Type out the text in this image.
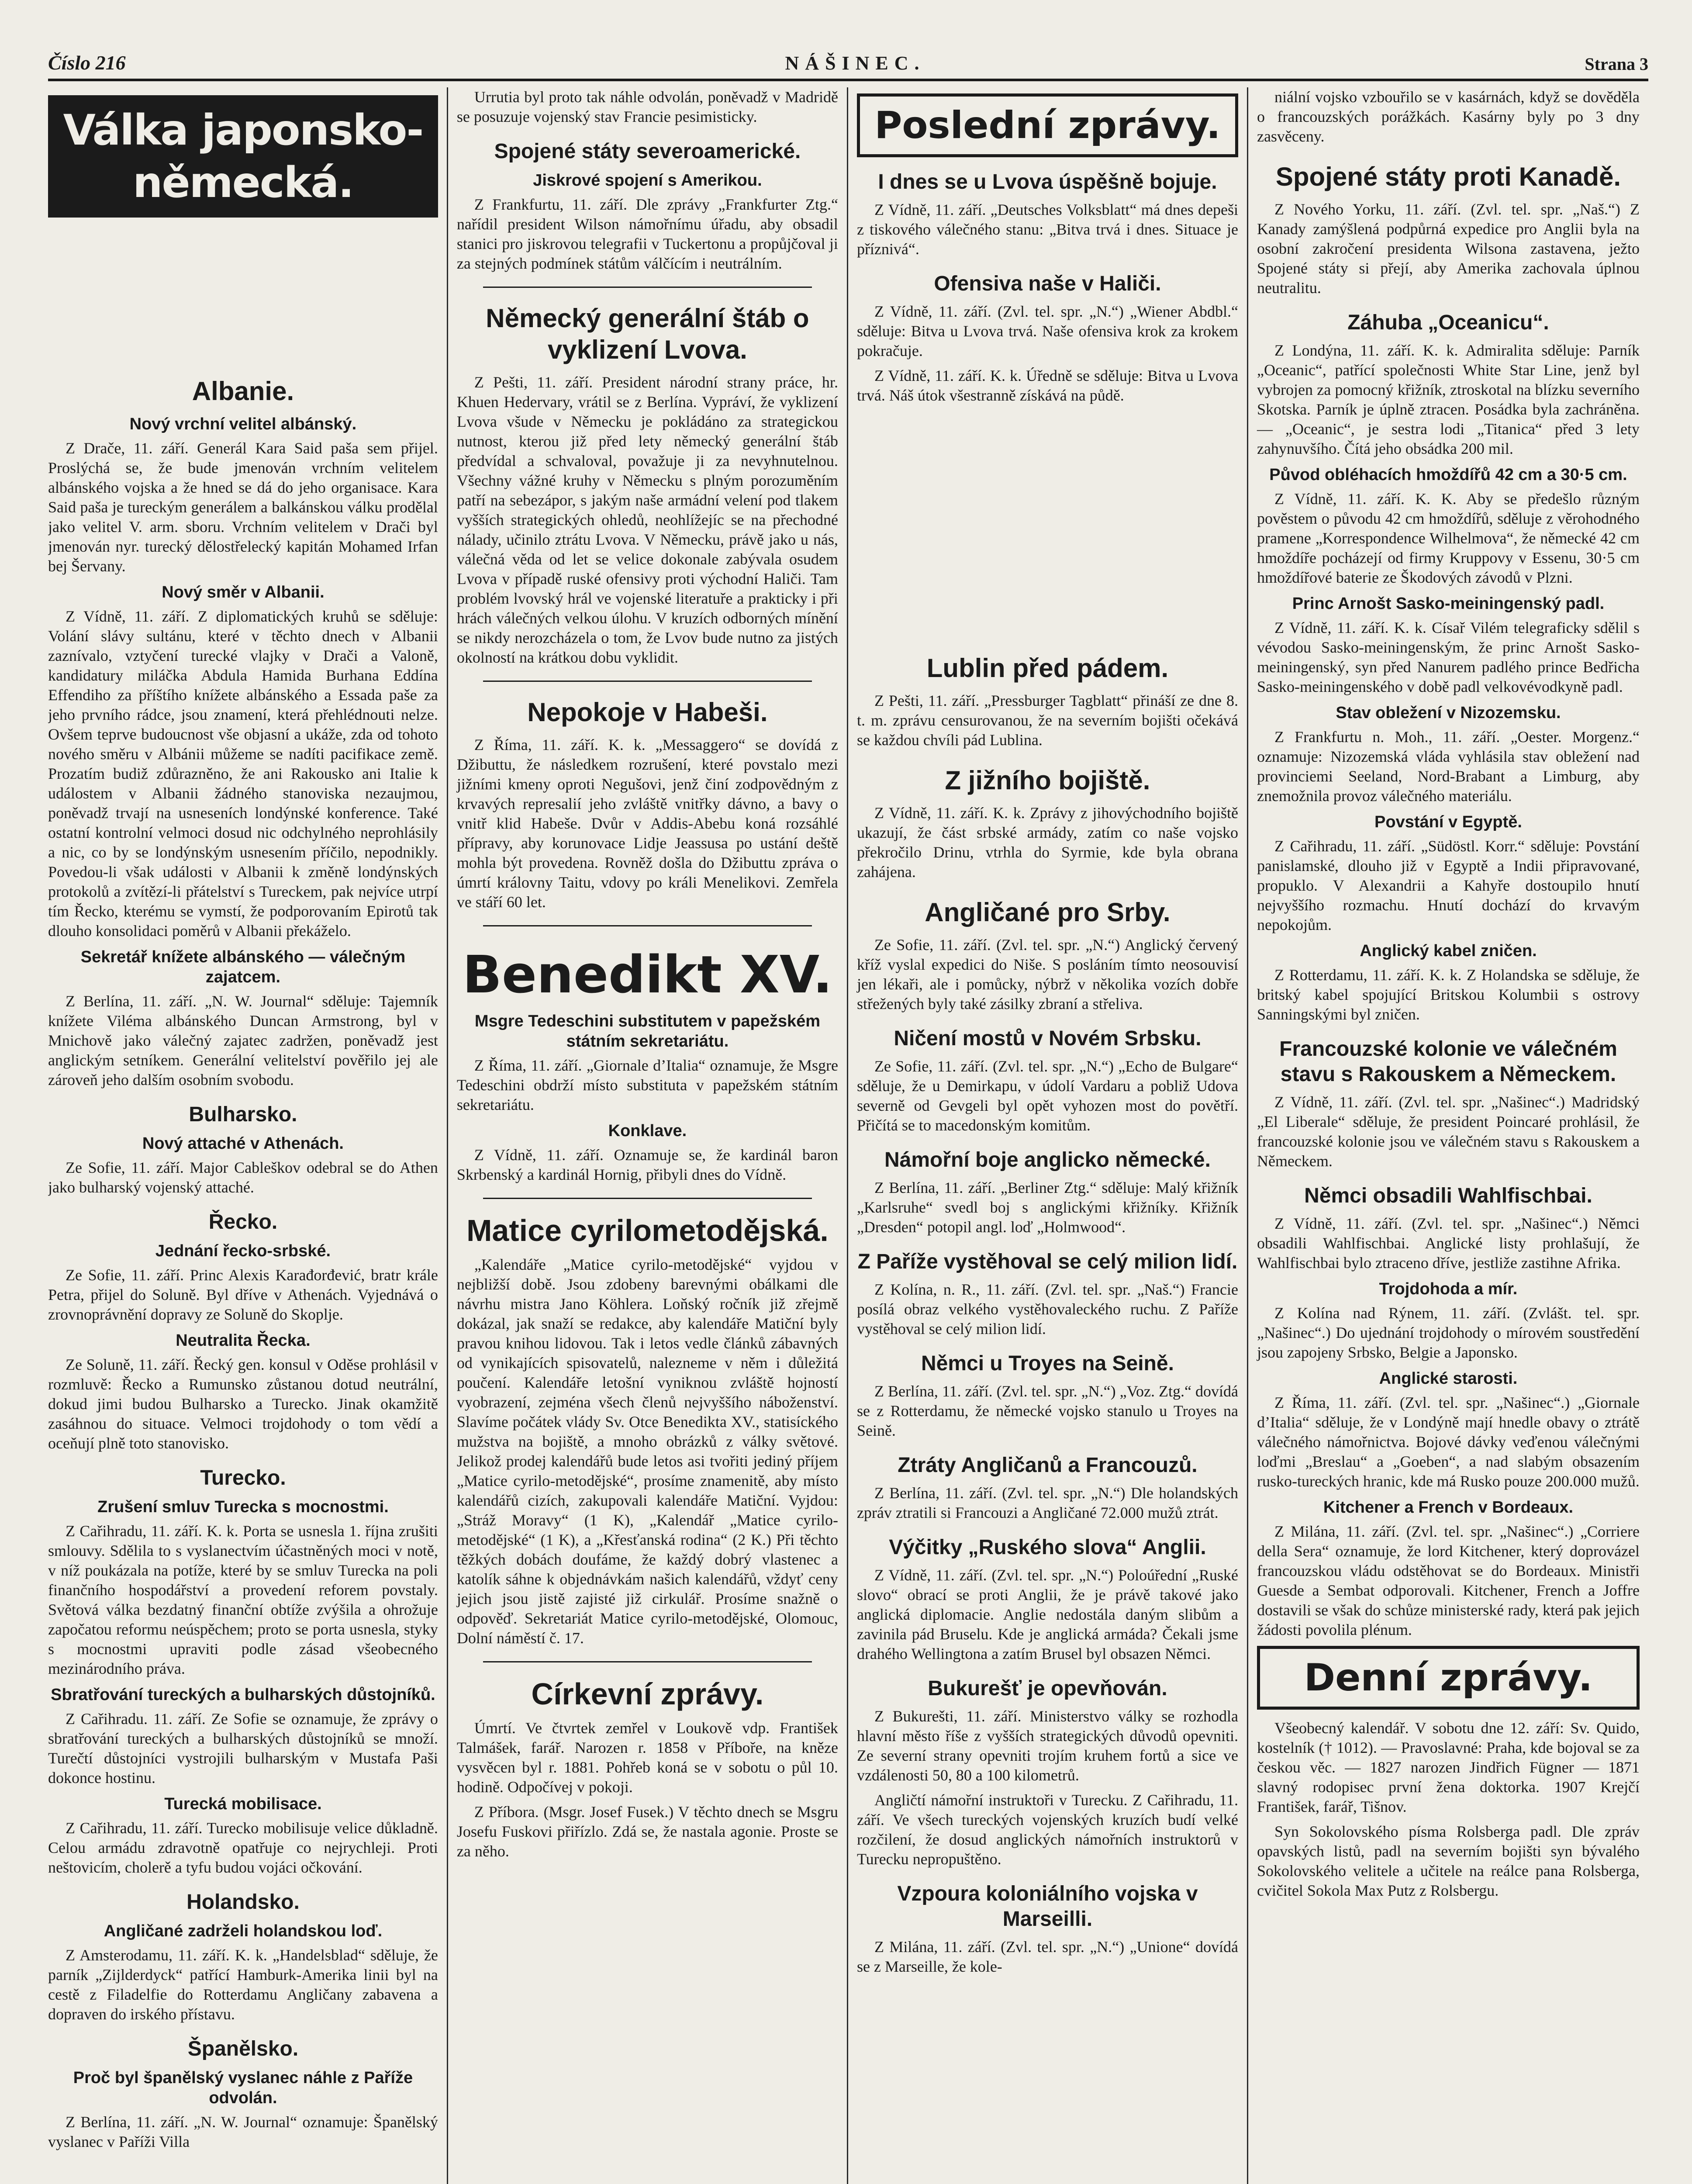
Číslo 216	NÁŠINEC.	Strana 3
Válka japonsko-německá.
Albanie.
Nový vrchní velitel albánský.

Z Drače, 11. září. Generál Kara Said paša sem přijel. Proslýchá se, že bude jmenován vrchním velitelem albánského vojska a že hned se dá do jeho organisace. Kara Said paša je tureckým generálem a balkánskou válku prodělal jako velitel V. arm. sboru. Vrchním velitelem v Drači byl jmenován nyr. turecký dělostřelecký kapitán Mohamed Irfan bej Šervany.

Nový směr v Albanii.

Z Vídně, 11. září. Z diplomatických kruhů se sděluje: Volání slávy sultánu, které v těchto dnech v Albanii zaznívalo, vztyčení turecké vlajky v Drači a Valoně, kandidatury miláčka Abdula Hamida Burhana Eddína Effendiho za příštího knížete albánského a Essada paše za jeho prvního rádce, jsou znamení, která přehlédnouti nelze. Ovšem teprve budoucnost vše objasní a ukáže, zda od tohoto nového směru v Albánii můžeme se nadíti pacifikace země. Prozatím budiž zdůrazněno, že ani Rakousko ani Italie k událostem v Albanii žádného stanoviska nezaujmou, poněvadž trvají na usneseních londýnské konference. Také ostatní kontrolní velmoci dosud nic odchylného neprohlásily a nic, co by se londýnským usnesením příčilo, nepodnikly. Povedou-li však události v Albanii k změně londýnských protokolů a zvítězí-li přátelství s Tureckem, pak nejvíce utrpí tím Řecko, kterému se vymstí, že podporovaním Epirotů tak dlouho konsolidaci poměrů v Albanii překáželo.

Sekretář knížete albánského — válečným zajatcem.

Z Berlína, 11. září. „N. W. Journal“ sděluje: Tajemník knížete Viléma albánského Duncan Armstrong, byl v Mnichově jako válečný zajatec zadržen, poněvadž jest anglickým setníkem. Generální velitelství pověřilo jej ale zároveň jeho dalším osobním svobodu.

Bulharsko.
Nový attaché v Athenách.

Ze Sofie, 11. září. Major Cableškov odebral se do Athen jako bulharský vojenský attaché.

Řecko.
Jednání řecko-srbské.

Ze Sofie, 11. září. Princ Alexis Karađorđević, bratr krále Petra, přijel do Soluně. Byl dříve v Athenách. Vyjednává o zrovnoprávnění dopravy ze Soluně do Skoplje.

Neutralita Řecka.

Ze Soluně, 11. září. Řecký gen. konsul v Oděse prohlásil v rozmluvě: Řecko a Rumunsko zůstanou dotud neutrální, dokud jimi budou Bulharsko a Turecko. Jinak okamžitě zasáhnou do situace. Velmoci trojdohody o tom vědí a oceňují plně toto stanovisko.

Turecko.
Zrušení smluv Turecka s mocnostmi.

Z Cařihradu, 11. září. K. k. Porta se usnesla 1. října zrušiti smlouvy. Sdělila to s vyslanectvím účastněných moci v notě, v níž poukázala na potíže, které by se smluv Turecka na poli finančního hospodářství a provedení reforem povstaly. Světová válka bezdatný finanční obtíže zvýšila a ohrožuje započatou reformu neúspěchem; proto se porta usnesla, styky s mocnostmi upraviti podle zásad všeobecného mezinárodního práva.

Sbratřování tureckých a bulharských důstojníků.

Z Cařihradu. 11. září. Ze Sofie se oznamuje, že zprávy o sbratřování tureckých a bulharských důstojníků se množí. Turečtí důstojníci vystrojili bulharským v Mustafa Paši dokonce hostinu.

Turecká mobilisace.

Z Cařihradu, 11. září. Turecko mobilisuje velice důkladně. Celou armádu zdravotně opatřuje co nejrychleji. Proti neštovicím, cholerě a tyfu budou vojáci očkování.

Holandsko.
Angličané zadrželi holandskou loď.

Z Amsterodamu, 11. září. K. k. „Handelsblad“ sděluje, že parník „Zijlderdyck“ patřící Hamburk-Amerika linii byl na cestě z Filadelfie do Rotterdamu Angličany zabavena a dopraven do irského přístavu.

Španělsko.
Proč byl španělský vyslanec náhle z Paříže odvolán.

Z Berlína, 11. září. „N. W. Journal“ oznamuje: Španělský vyslanec v Paříži Villa

Urrutia byl proto tak náhle odvolán, poněvadž v Madridě se posuzuje vojenský stav Francie pesimisticky.

Spojené státy severoamerické.
Jiskrové spojení s Amerikou.

Z Frankfurtu, 11. září. Dle zprávy „Frankfurter Ztg.“ nařídil president Wilson námořnímu úřadu, aby obsadil stanici pro jiskrovou telegrafii v Tuckertonu a propůjčoval ji za stejných podmínek státům válčícím i neutrálním.

Německý generální štáb o vyklizení Lvova.

Z Pešti, 11. září. President národní strany práce, hr. Khuen Hedervary, vrátil se z Berlína. Vypráví, že vyklizení Lvova všude v Německu je pokládáno za strategickou nutnost, kterou již před lety německý generální štáb předvídal a schvaloval, považuje ji za nevyhnutelnou. Všechny vážné kruhy v Německu s plným porozuměním patří na sebezápor, s jakým naše armádní velení pod tlakem vyšších strategických ohledů, neohlížejíc se na přechodné nálady, učinilo ztrátu Lvova. V Německu, právě jako u nás, válečná věda od let se velice dokonale zabývala osudem Lvova v případě ruské ofensivy proti východní Haliči. Tam problém lvovský hrál ve vojenské literatuře a prakticky i při hrách válečných velkou úlohu. V kruzích odborných mínění se nikdy nerozcházela o tom, že Lvov bude nutno za jistých okolností na krátkou dobu vyklidit.

Nepokoje v Habeši.

Z Říma, 11. září. K. k. „Messaggero“ se dovídá z Džibuttu, že následkem rozrušení, které povstalo mezi jižními kmeny oproti Negušovi, jenž činí zodpovědným z krvavých represalií jeho zvláště vnitřky dávno, a bavy o vnitř klid Habeše. Dvůr v Addis-Abebu koná rozsáhlé přípravy, aby korunovace Lidje Jeassusa po ustání deště mohla být provedena. Rovněž došla do Džibuttu zpráva o úmrtí královny Taitu, vdovy po králi Menelikovi. Zemřela ve stáří 60 let.

Benedikt XV.
Msgre Tedeschini substitutem v papežském státním sekretariátu.

Z Říma, 11. září. „Giornale d’Italia“ oznamuje, že Msgre Tedeschini obdrží místo substituta v papežském státním sekretariátu.

Konklave.

Z Vídně, 11. září. Oznamuje se, že kardinál baron Skrbenský a kardinál Hornig, přibyli dnes do Vídně.

Matice cyrilometodějská.

„Kalendáře „Matice cyrilo-metodějské“ vyjdou v nejbližší době. Jsou zdobeny barevnými obálkami dle návrhu mistra Jano Köhlera. Loňský ročník již zřejmě dokázal, jak snaží se redakce, aby kalendáře Matiční byly pravou knihou lidovou. Tak i letos vedle článků zábavných od vynikajících spisovatelů, nalezneme v něm i důležitá poučení. Kalendáře letošní vyniknou zvláště hojností vyobrazení, zejména všech členů nejvyššího náboženství. Slavíme počátek vlády Sv. Otce Benedikta XV., statisíckého mužstva na bojiště, a mnoho obrázků z války světové. Jelikož prodej kalendářů bude letos asi tvořiti jediný příjem „Matice cyrilo-metodějské“, prosíme znamenitě, aby místo kalendářů cizích, zakupovali kalendáře Matiční. Vyjdou: „Stráž Moravy“ (1 K), „Kalendář „Matice cyrilo-metodějské“ (1 K), a „Křesťanská rodina“ (2 K.) Při těchto těžkých dobách doufáme, že každý dobrý vlastenec a katolík sáhne k objednávkám našich kalendářů, vždyť ceny jejich jsou jistě zajisté již cirkulář. Prosíme snažně o odpověď. Sekretariát Matice cyrilo-metodějské, Olomouc, Dolní náměstí č. 17.

Církevní zprávy.

Úmrtí. Ve čtvrtek zemřel v Loukově vdp. František Talmášek, farář. Narozen r. 1858 v Příboře, na kněze vysvěcen byl r. 1881. Pohřeb koná se v sobotu o půl 10. hodině. Odpočívej v pokoji.

Z Příbora. (Msgr. Josef Fusek.) V těchto dnech se Msgru Josefu Fuskovi přiřízlo. Zdá se, že nastala agonie. Proste se za něho.

Poslední zprávy.
I dnes se u Lvova úspěšně bojuje.

Z Vídně, 11. září. „Deutsches Volksblatt“ má dnes depeši z tiskového válečného stanu: „Bitva trvá i dnes. Situace je příznivá“.

Ofensiva naše v Haliči.

Z Vídně, 11. září. (Zvl. tel. spr. „N.“) „Wiener Abdbl.“ sděluje: Bitva u Lvova trvá. Naše ofensiva krok za krokem pokračuje.

Z Vídně, 11. září. K. k. Úředně se sděluje: Bitva u Lvova trvá. Náš útok všestranně získává na půdě.

Lublin před pádem.

Z Pešti, 11. září. „Pressburger Tagblatt“ přináší ze dne 8. t. m. zprávu censurovanou, že na severním bojišti očekává se každou chvíli pád Lublina.

Z jižního bojiště.

Z Vídně, 11. září. K. k. Zprávy z jihovýchodního bojiště ukazují, že část srbské armády, zatím co naše vojsko překročilo Drinu, vtrhla do Syrmie, kde byla obrana zahájena.

Angličané pro Srby.

Ze Sofie, 11. září. (Zvl. tel. spr. „N.“) Anglický červený kříž vyslal expedici do Niše. S posláním tímto neosouvisí jen lékaři, ale i pomůcky, nýbrž v několika vozích dobře střežených byly také zásilky zbraní a střeliva.

Ničení mostů v Novém Srbsku.

Ze Sofie, 11. září. (Zvl. tel. spr. „N.“) „Echo de Bulgare“ sděluje, že u Demirkapu, v údolí Vardaru a pobliž Udova severně od Gevgeli byl opět vyhozen most do povětří. Přičítá se to macedonským komitům.

Námořní boje anglicko německé.

Z Berlína, 11. září. „Berliner Ztg.“ sděluje: Malý křižník „Karlsruhe“ svedl boj s anglickými křižníky. Křižník „Dresden“ potopil angl. loď „Holmwood“.

Z Paříže vystěhoval se celý milion lidí.

Z Kolína, n. R., 11. září. (Zvl. tel. spr. „Naš.“) Francie posílá obraz velkého vystěhovaleckého ruchu. Z Paříže vystěhoval se celý milion lidí.

Němci u Troyes na Seině.

Z Berlína, 11. září. (Zvl. tel. spr. „N.“) „Voz. Ztg.“ dovídá se z Rotterdamu, že německé vojsko stanulo u Troyes na Seině.

Ztráty Angličanů a Francouzů.

Z Berlína, 11. září. (Zvl. tel. spr. „N.“) Dle holandských zpráv ztratili si Francouzi a Angličané 72.000 mužů ztrát.

Výčitky „Ruského slova“ Anglii.

Z Vídně, 11. září. (Zvl. tel. spr. „N.“) Poloúřední „Ruské slovo“ obrací se proti Anglii, že je právě takové jako anglická diplomacie. Anglie nedostála daným slibům a zavinila pád Bruselu. Kde je anglická armáda? Čekali jsme drahého Wellingtona a zatím Brusel byl obsazen Němci.

Bukurešť je opevňován.

Z Bukurešti, 11. září. Ministerstvo války se rozhodla hlavní město říše z vyšších strategických důvodů opevniti. Ze severní strany opevniti trojím kruhem fortů a sice ve vzdálenosti 50, 80 a 100 kilometrů.

Angličtí námořní instruktoři v Turecku. Z Cařihradu, 11. září. Ve všech tureckých vojenských kruzích budí velké rozčilení, že dosud anglických námořních instruktorů v Turecku nepropuštěno.

Vzpoura koloniálního vojska v Marseilli.

Z Milána, 11. září. (Zvl. tel. spr. „N.“) „Unione“ dovídá se z Marseille, že kole-

niální vojsko vzbouřilo se v kasárnách, když se dověděla o francouzských porážkách. Kasárny byly po 3 dny zasvěceny.

Spojené státy proti Kanadě.

Z Nového Yorku, 11. září. (Zvl. tel. spr. „Naš.“) Z Kanady zamýšlená podpůrná expedice pro Anglii byla na osobní zakročení presidenta Wilsona zastavena, ježto Spojené státy si přejí, aby Amerika zachovala úplnou neutralitu.

Záhuba „Oceanicu“.

Z Londýna, 11. září. K. k. Admiralita sděluje: Parník „Oceanic“, patřící společnosti White Star Line, jenž byl vybrojen za pomocný křižník, ztroskotal na blízku severního Skotska. Parník je úplně ztracen. Posádka byla zachráněna. — „Oceanic“, je sestra lodi „Titanica“ před 3 lety zahynuvšího. Čítá jeho obsádka 200 mil.

Původ obléhacích hmoždířů 42 cm a 30·5 cm.

Z Vídně, 11. září. K. K. Aby se předešlo různým pověstem o původu 42 cm hmoždířů, sděluje z věrohodného pramene „Korrespondence Wilhelmova“, že německé 42 cm hmoždíře pocházejí od firmy Kruppovy v Essenu, 30·5 cm hmoždířové baterie ze Škodových závodů v Plzni.

Princ Arnošt Sasko-meiningenský padl.

Z Vídně, 11. září. K. k. Císař Vilém telegraficky sdělil s vévodou Sasko-meiningenským, že princ Arnošt Sasko-meiningenský, syn před Nanurem padlého prince Bedřicha Sasko-meiningenského v době padl velkovévodkyně padl.

Stav obležení v Nizozemsku.

Z Frankfurtu n. Moh., 11. září. „Oester. Morgenz.“ oznamuje: Nizozemská vláda vyhlásila stav obležení nad provinciemi Seeland, Nord-Brabant a Limburg, aby znemožnila provoz válečného materiálu.

Povstání v Egyptě.

Z Cařihradu, 11. září. „Südöstl. Korr.“ sděluje: Povstání panislamské, dlouho již v Egyptě a Indii připravované, propuklo. V Alexandrii a Kahyře dostoupilo hnutí nejvyššího rozmachu. Hnutí dochází do krvavým nepokojům.

Anglický kabel zničen.

Z Rotterdamu, 11. září. K. k. Z Holandska se sděluje, že britský kabel spojující Britskou Kolumbii s ostrovy Sanningskými byl zničen.

Francouzské kolonie ve válečném stavu s Rakouskem a Německem.

Z Vídně, 11. září. (Zvl. tel. spr. „Našinec“.) Madridský „El Liberale“ sděluje, že president Poincaré prohlásil, že francouzské kolonie jsou ve válečném stavu s Rakouskem a Německem.

Němci obsadili Wahlfischbai.

Z Vídně, 11. září. (Zvl. tel. spr. „Našinec“.) Němci obsadili Wahlfischbai. Anglické listy prohlašují, že Wahlfischbai bylo ztraceno dříve, jestliže zastihne Afrika.

Trojdohoda a mír.

Z Kolína nad Rýnem, 11. září. (Zvlášt. tel. spr. „Našinec“.) Do ujednání trojdohody o mírovém soustředění jsou zapojeny Srbsko, Belgie a Japonsko.

Anglické starosti.

Z Říma, 11. září. (Zvl. tel. spr. „Našinec“.) „Giornale d’Italia“ sděluje, že v Londýně mají hnedle obavy o ztrátě válečného námořnictva. Bojové dávky veďenou válečnými loďmi „Breslau“ a „Goeben“, a nad slabým obsazením rusko-tureckých hranic, kde má Rusko pouze 200.000 mužů.

Kitchener a French v Bordeaux.

Z Milána, 11. září. (Zvl. tel. spr. „Našinec“.) „Corriere della Sera“ oznamuje, že lord Kitchener, který doprovázel francouzskou vládu odstěhovat se do Bordeaux. Ministři Guesde a Sembat odporovali. Kitchener, French a Joffre dostavili se však do schůze ministerské rady, která pak jejich žádosti povolila plénum.

Denní zprávy.

Všeobecný kalendář. V sobotu dne 12. září: Sv. Quido, kostelník († 1012). — Pravoslavné: Praha, kde bojoval se za českou věc. — 1827 narozen Jindřich Fügner — 1871 slavný rodopisec první žena doktorka. 1907 Krejčí František, farář, Tišnov.

Syn Sokolovského písma Rolsberga padl. Dle zpráv opavských listů, padl na severním bojišti syn bývalého Sokolovského velitele a učitele na reálce pana Rolsberga, cvičitel Sokola Max Putz z Rolsbergu.
